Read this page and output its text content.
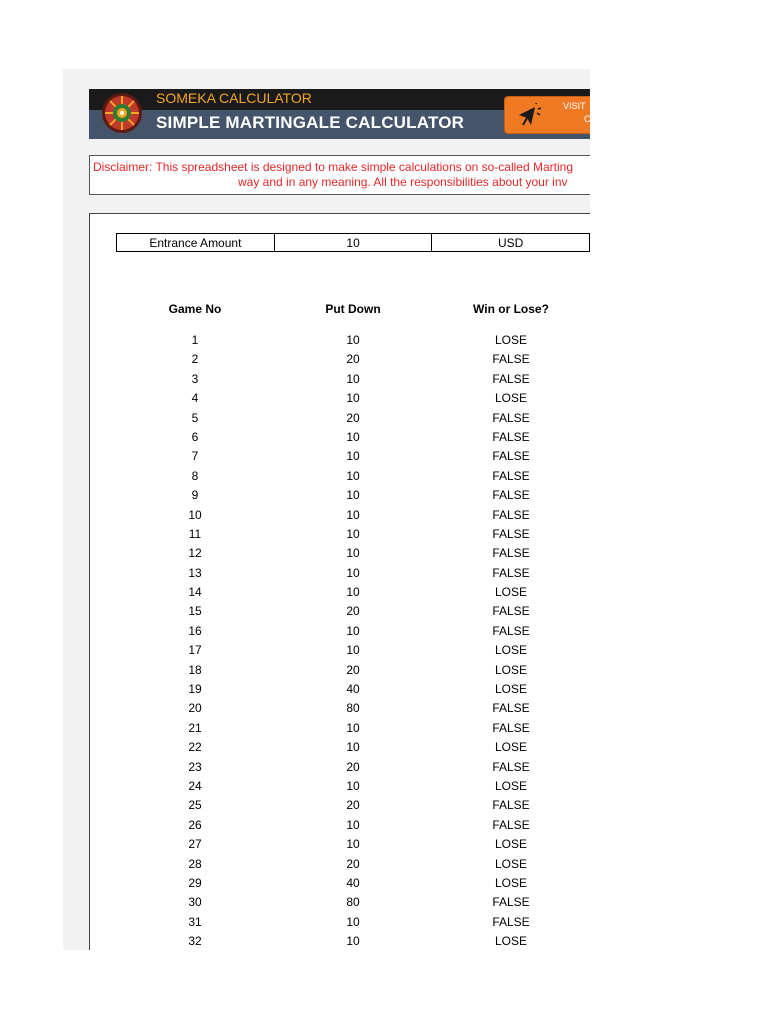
SOMEKA CALCULATOR
SIMPLE MARTINGALE CALCULATOR
VISIT
C
Disclaimer: This spreadsheet is designed to make simple calculations on so-called Marting
way and in any meaning. All the responsibilities about your inv
Entrance Amount	10	USD
Game No	Put Down	Win or Lose?
1	10	LOSE
2	20	FALSE
3	10	FALSE
4	10	LOSE
5	20	FALSE
6	10	FALSE
7	10	FALSE
8	10	FALSE
9	10	FALSE
10	10	FALSE
11	10	FALSE
12	10	FALSE
13	10	FALSE
14	10	LOSE
15	20	FALSE
16	10	FALSE
17	10	LOSE
18	20	LOSE
19	40	LOSE
20	80	FALSE
21	10	FALSE
22	10	LOSE
23	20	FALSE
24	10	LOSE
25	20	FALSE
26	10	FALSE
27	10	LOSE
28	20	LOSE
29	40	LOSE
30	80	FALSE
31	10	FALSE
32	10	LOSE
